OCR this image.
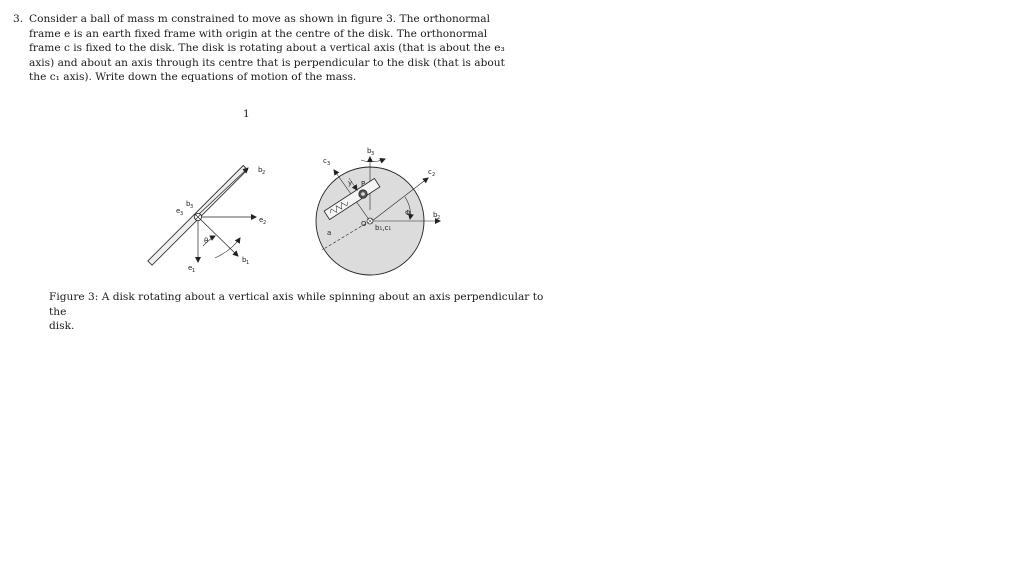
3. Consider a ball of mass m constrained to move as shown in figure 3. The orthonormal
frame e is an earth fixed frame with origin at the centre of the disk. The orthonormal
frame c is fixed to the disk. The disk is rotating about a vertical axis (that is about the e₃
axis) and about an axis through its centre that is perpendicular to the disk (that is about
the c₁ axis). Write down the equations of motion of the mass.
1
b 3
e 3
b 2
e 2
θ
b 1
e 1
b 3
c 3
c 2
y P
Φ	b 2
O b₁,c₁
a
Figure 3: A disk rotating about a vertical axis while spinning about an axis perpendicular to the
disk.
